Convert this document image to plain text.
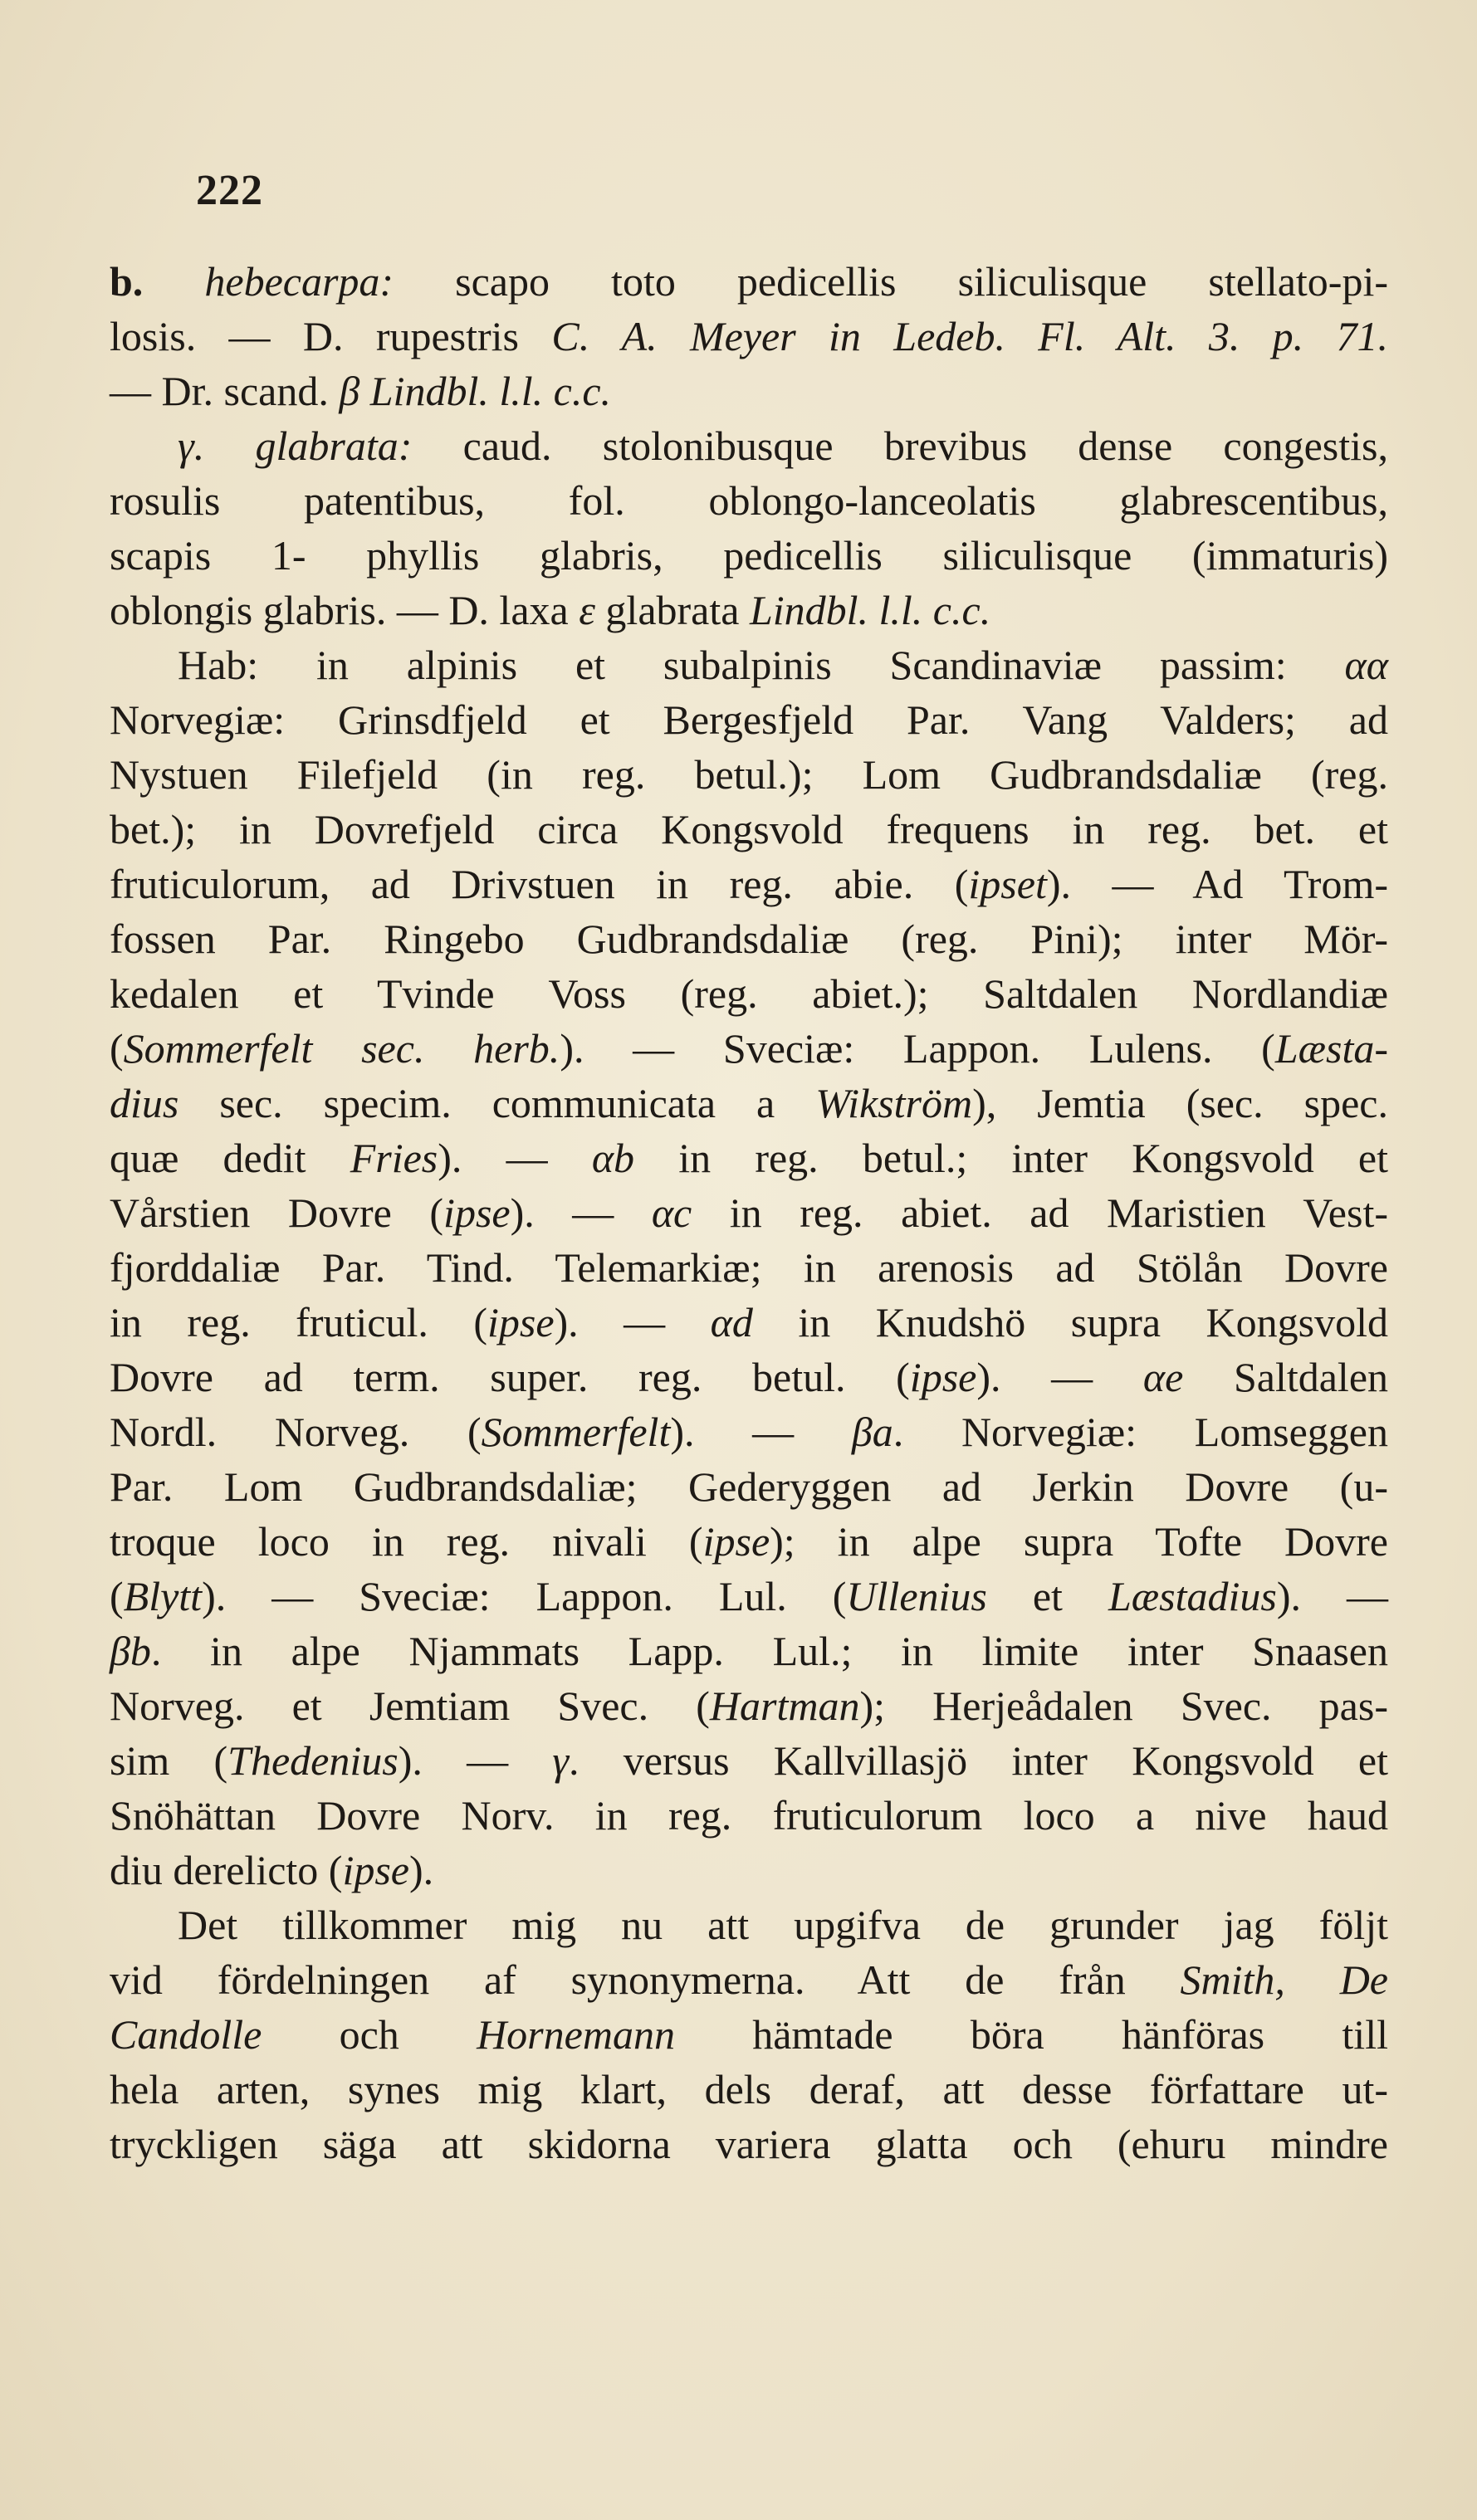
222
b. hebecarpa: scapo toto pedicellis siliculisque stellato-pi-
losis. — D. rupestris C. A. Meyer in Ledeb. Fl. Alt. 3. p. 71.
— Dr. scand. β Lindbl. l.l. c.c.
γ. glabrata: caud. stolonibusque brevibus dense congestis,
rosulis patentibus, fol. oblongo-lanceolatis glabrescentibus,
scapis 1- phyllis glabris, pedicellis siliculisque (immaturis)
oblongis glabris. — D. laxa ε glabrata Lindbl. l.l. c.c.
Hab: in alpinis et subalpinis Scandinaviæ passim: αα
Norvegiæ: Grinsdfjeld et Bergesfjeld Par. Vang Valders; ad
Nystuen Filefjeld (in reg. betul.); Lom Gudbrandsdaliæ (reg.
bet.); in Dovrefjeld circa Kongsvold frequens in reg. bet. et
fruticulorum, ad Drivstuen in reg. abie. (ipset). — Ad Trom-
fossen Par. Ringebo Gudbrandsdaliæ (reg. Pini); inter Mör-
kedalen et Tvinde Voss (reg. abiet.); Saltdalen Nordlandiæ
(Sommerfelt sec. herb.). — Sveciæ: Lappon. Lulens. (Læsta-
dius sec. specim. communicata a Wikström), Jemtia (sec. spec.
quæ dedit Fries). — αb in reg. betul.; inter Kongsvold et
Vårstien Dovre (ipse). — αc in reg. abiet. ad Maristien Vest-
fjorddaliæ Par. Tind. Telemarkiæ; in arenosis ad Stölån Dovre
in reg. fruticul. (ipse). — αd in Knudshö supra Kongsvold
Dovre ad term. super. reg. betul. (ipse). — αe Saltdalen
Nordl. Norveg. (Sommerfelt). — βa. Norvegiæ: Lomseggen
Par. Lom Gudbrandsdaliæ; Gederyggen ad Jerkin Dovre (u-
troque loco in reg. nivali (ipse); in alpe supra Tofte Dovre
(Blytt). — Sveciæ: Lappon. Lul. (Ullenius et Læstadius). —
βb. in alpe Njammats Lapp. Lul.; in limite inter Snaasen
Norveg. et Jemtiam Svec. (Hartman); Herjeådalen Svec. pas-
sim (Thedenius). — γ. versus Kallvillasjö inter Kongsvold et
Snöhättan Dovre Norv. in reg. fruticulorum loco a nive haud
diu derelicto (ipse).
Det tillkommer mig nu att upgifva de grunder jag följt
vid fördelningen af synonymerna. Att de från Smith, De
Candolle och Hornemann hämtade böra hänföras till
hela arten, synes mig klart, dels deraf, att desse författare ut-
tryckligen säga att skidorna variera glatta och (ehuru mindre
